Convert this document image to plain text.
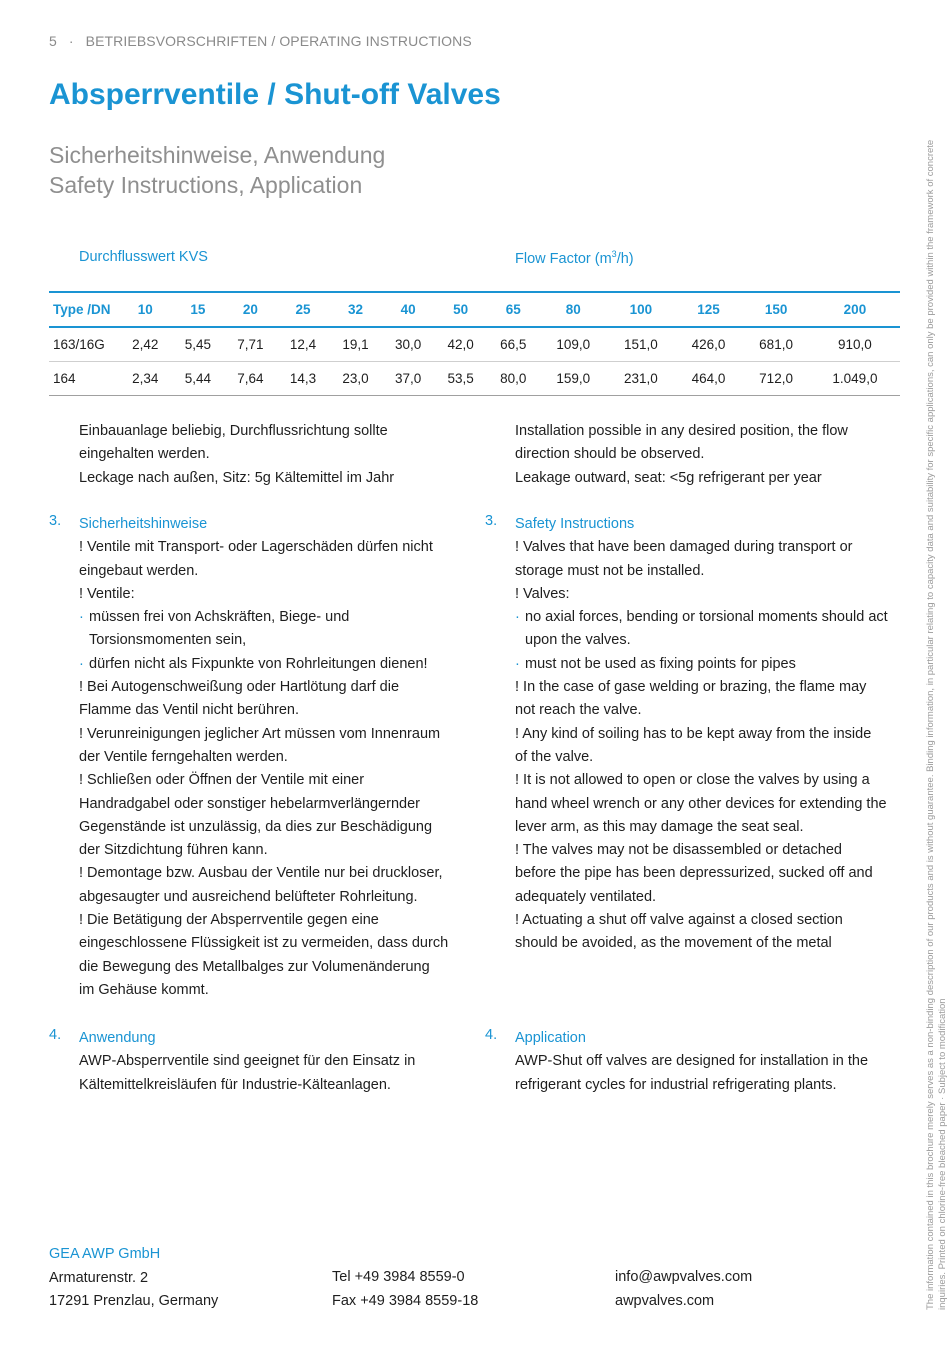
5 · BETRIEBSVORSCHRIFTEN / OPERATING INSTRUCTIONS
Absperrventile / Shut-off Valves
Sicherheitshinweise, Anwendung
Safety Instructions, Application
Durchflusswert KVS	Flow Factor $(m^3/h)$
Type /DN	10	15	20	25	32	40	50	65	80	100	125	150	200
163/16G	2,42	5,45	7,71	12,4	19,1	30,0	42,0	66,5	109,0	151,0	426,0	681,0	910,0
164	2,34	5,44	7,64	14,3	23,0	37,0	53,5	80,0	159,0	231,0	464,0	712,0	1.049,0

Einbauanlage beliebig, Durchflussrichtung sollte

eingehalten werden.

Leckage nach außen, Sitz: 5g Kältemittel im Jahr

Installation possible in any desired position, the flow

direction should be observed.

Leakage outward, seat: <5g refrigerant per year

3. Sicherheitshinweise

! Ventile mit Transport- oder Lagerschäden dürfen nicht

eingebaut werden.

! Ventile:

· müssen frei von Achskräften, Biege- und Torsionsmomenten sein,

· dürfen nicht als Fixpunkte von Rohrleitungen dienen!

! Bei Autogenschweißung oder Hartlötung darf die

Flamme das Ventil nicht berühren.

! Verunreinigungen jeglicher Art müssen vom Innenraum

der Ventile ferngehalten werden.

! Schließen oder Öffnen der Ventile mit einer

Handradgabel oder sonstiger hebelarmverlängernder

Gegenstände ist unzulässig, da dies zur Beschädigung

der Sitzdichtung führen kann.

! Demontage bzw. Ausbau der Ventile nur bei druckloser,

abgesaugter und ausreichend belüfteter Rohrleitung.

! Die Betätigung der Absperrventile gegen eine

eingeschlossene Flüssigkeit ist zu vermeiden, dass durch

die Bewegung des Metallbalges zur Volumenänderung

im Gehäuse kommt.

3. Safety Instructions

! Valves that have been damaged during transport or

storage must not be installed.

! Valves:

· no axial forces, bending or torsional moments should act upon the valves.

· must not be used as fixing points for pipes

! In the case of gase welding or brazing, the flame may

not reach the valve.

! Any kind of soiling has to be kept away from the inside

of the valve.

! It is not allowed to open or close the valves by using a

hand wheel wrench or any other devices for extending the

lever arm, as this may damage the seat seal.

! The valves may not be disassembled or detached

before the pipe has been depressurized, sucked off and

adequately ventilated.

! Actuating a shut off valve against a closed section

should be avoided, as the movement of the metal

4. Anwendung

AWP-Absperrventile sind geeignet für den Einsatz in

Kältemittelkreisläufen für Industrie-Kälteanlagen.

4. Application

AWP-Shut off valves are designed for installation in the

refrigerant cycles for industrial refrigerating plants.

GEA AWP GmbH
Armaturenstr. 2
17291 Prenzlau, Germany
Tel +49 3984 8559-0
Fax +49 3984 8559-18
info@awpvalves.com
awpvalves.com	The information contained in this brochure merely serves as a non-binding description of our products and is without guarantee. Binding information, in particular relating to capacity data and suitability for specific applications, can only be provided within the framework of concrete inquiries. Printed on chlorine-free bleached paper · Subject to modification
